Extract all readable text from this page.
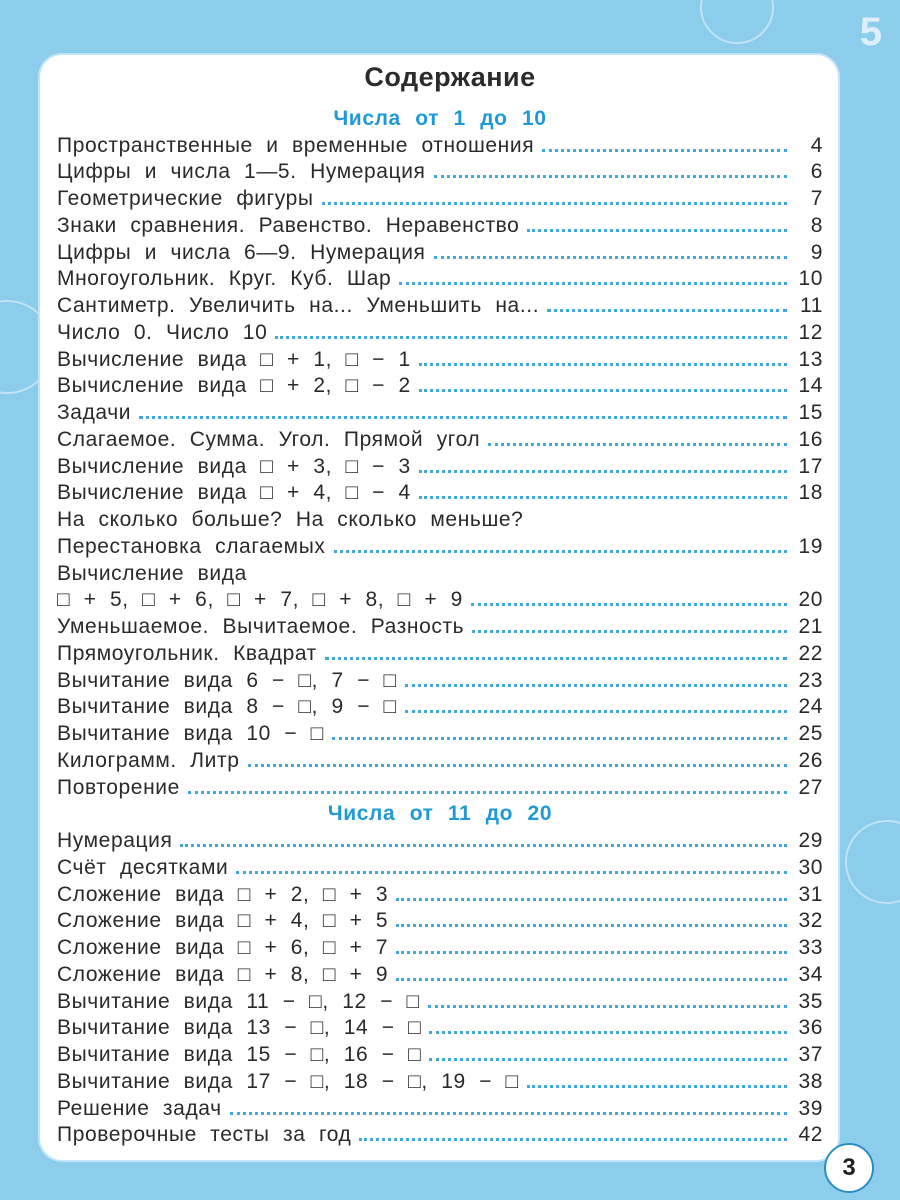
5
Содержание
Числа от 1 до 10
Пространственные и временные отношения	4
Цифры и числа 1—5. Нумерация	6
Геометрические фигуры	7
Знаки сравнения. Равенство. Неравенство	8
Цифры и числа 6—9. Нумерация	9
Многоугольник. Круг. Куб. Шар	10
Сантиметр. Увеличить на... Уменьшить на...	11
Число 0. Число 10	12
Вычисление вида □ + 1, □ − 1	13
Вычисление вида □ + 2, □ − 2	14
Задачи	15
Слагаемое. Сумма. Угол. Прямой угол	16
Вычисление вида □ + 3, □ − 3	17
Вычисление вида □ + 4, □ − 4	18
На сколько больше? На сколько меньше?
Перестановка слагаемых	19
Вычисление вида
□ + 5, □ + 6, □ + 7, □ + 8, □ + 9	20
Уменьшаемое. Вычитаемое. Разность	21
Прямоугольник. Квадрат	22
Вычитание вида 6 − □, 7 − □	23
Вычитание вида 8 − □, 9 − □	24
Вычитание вида 10 − □	25
Килограмм. Литр	26
Повторение	27
Числа от 11 до 20
Нумерация	29
Счёт десятками	30
Сложение вида □ + 2, □ + 3	31
Сложение вида □ + 4, □ + 5	32
Сложение вида □ + 6, □ + 7	33
Сложение вида □ + 8, □ + 9	34
Вычитание вида 11 − □, 12 − □	35
Вычитание вида 13 − □, 14 − □	36
Вычитание вида 15 − □, 16 − □	37
Вычитание вида 17 − □, 18 − □, 19 − □	38
Решение задач	39
Проверочные тесты за год	42
3
